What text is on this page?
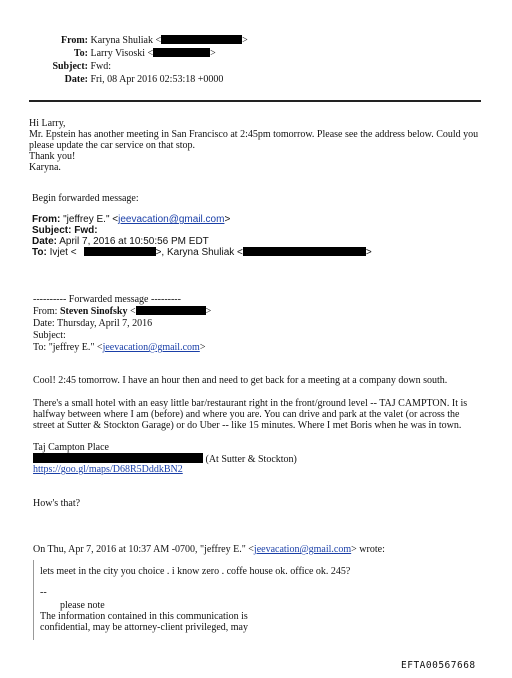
From: Karyna Shuliak <	>
To: Larry Visoski <	>
Subject: Fwd:
Date: Fri, 08 Apr 2016 02:53:18 +0000
Hi Larry,
Mr. Epstein has another meeting in San Francisco at 2:45pm tomorrow. Please see the address below. Could you
please update the car service on that stop.
Thank you!
Karyna.
Begin forwarded message:
From: "jeffrey E." <jeevacation@gmail.com>
Subject: Fwd:
Date: April 7, 2016 at 10:50:56 PM EDT
To: Ivjet <	>, Karyna Shuliak <	>
---------- Forwarded message ---------
From: Steven Sinofsky <	>
Date: Thursday, April 7, 2016
Subject:
To: "jeffrey E." <jeevacation@gmail.com>
Cool! 2:45 tomorrow. I have an hour then and need to get back for a meeting at a company down south.
There's a small hotel with an easy little bar/restaurant right in the front/ground level -- TAJ CAMPTON. It is
halfway between where I am (before) and where you are. You can drive and park at the valet (or across the
street at Sutter & Stockton Garage) or do Uber -- like 15 minutes. Where I met Boris when he was in town.
Taj Campton Place
(At Sutter & Stockton)
https://goo.gl/maps/D68R5DddkBN2
How's that?
On Thu, Apr 7, 2016 at 10:37 AM -0700, "jeffrey E." <jeevacation@gmail.com> wrote:
lets meet in the city you choice . i know zero . coffe house ok. office ok. 245?
--
please note
The information contained in this communication is
confidential, may be attorney-client privileged, may
EFTA00567668
